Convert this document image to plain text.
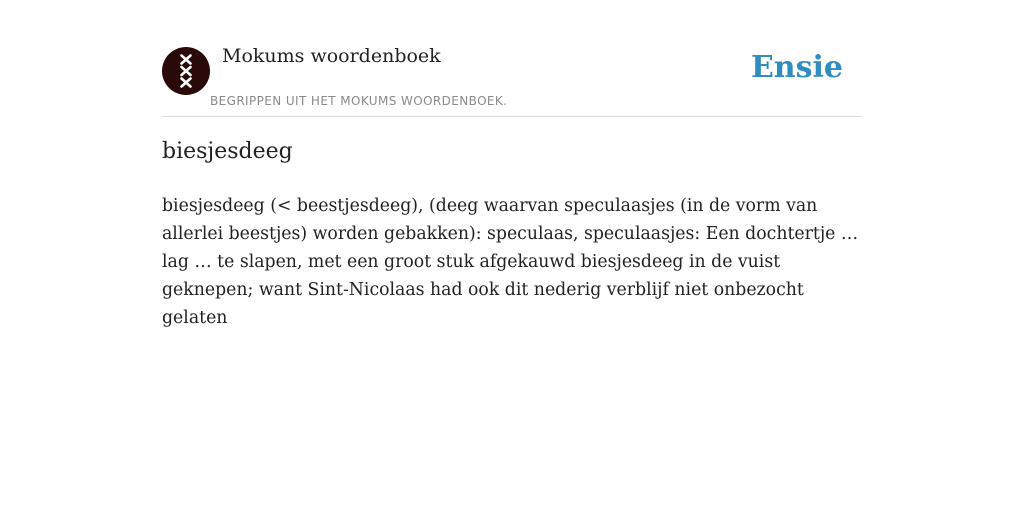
Mokums woordenboek
BEGRIPPEN UIT HET MOKUMS WOORDENBOEK.
Ensie
biesjesdeeg

biesjesdeeg (< beestjesdeeg), (deeg waarvan speculaasjes (in de vorm van allerlei beestjes) worden gebakken): speculaas, speculaasjes: Een dochtertje … lag … te slapen, met een groot stuk afgekauwd biesjesdeeg in de vuist geknepen; want Sint-Nicolaas had ook dit nederig verblijf niet onbezocht gelaten
